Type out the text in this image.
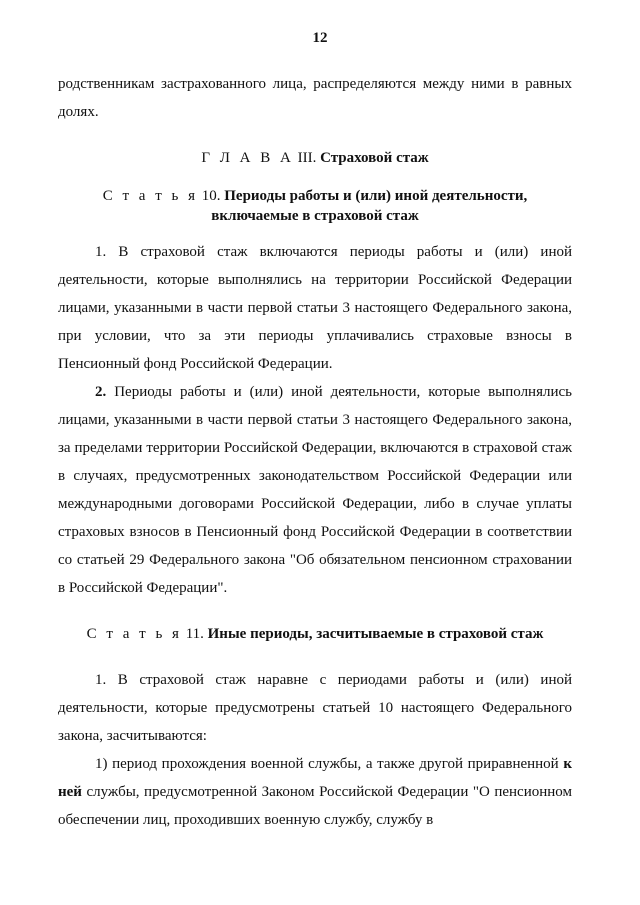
12

родственникам застрахованного лица, распределяются между ними в равных долях.

Г Л А В А III. Страховой стаж
С т а т ь я 10. Периоды работы и (или) иной деятельности,
включаемые в страховой стаж

1. В страховой стаж включаются периоды работы и (или) иной деятельности, которые выполнялись на территории Российской Федерации лицами, указанными в части первой статьи 3 настоящего Федерального закона, при условии, что за эти периоды уплачивались страховые взносы в Пенсионный фонд Российской Федерации.

2. Периоды работы и (или) иной деятельности, которые выполнялись лицами, указанными в части первой статьи 3 настоящего Федерального закона, за пределами территории Российской Федерации, включаются в страховой стаж в случаях, предусмотренных законодательством Российской Федерации или международными договорами Российской Федерации, либо в случае уплаты страховых взносов в Пенсионный фонд Российской Федерации в соответствии со статьей 29 Федерального закона "Об обязательном пенсионном страховании в Российской Федерации".

С т а т ь я 11. Иные периоды, засчитываемые в страховой стаж

1. В страховой стаж наравне с периодами работы и (или) иной деятельности, которые предусмотрены статьей 10 настоящего Федерального закона, засчитываются:

1) период прохождения военной службы, а также другой приравненной к ней службы, предусмотренной Законом Российской Федерации "О пенсионном обеспечении лиц, проходивших военную службу, службу в
